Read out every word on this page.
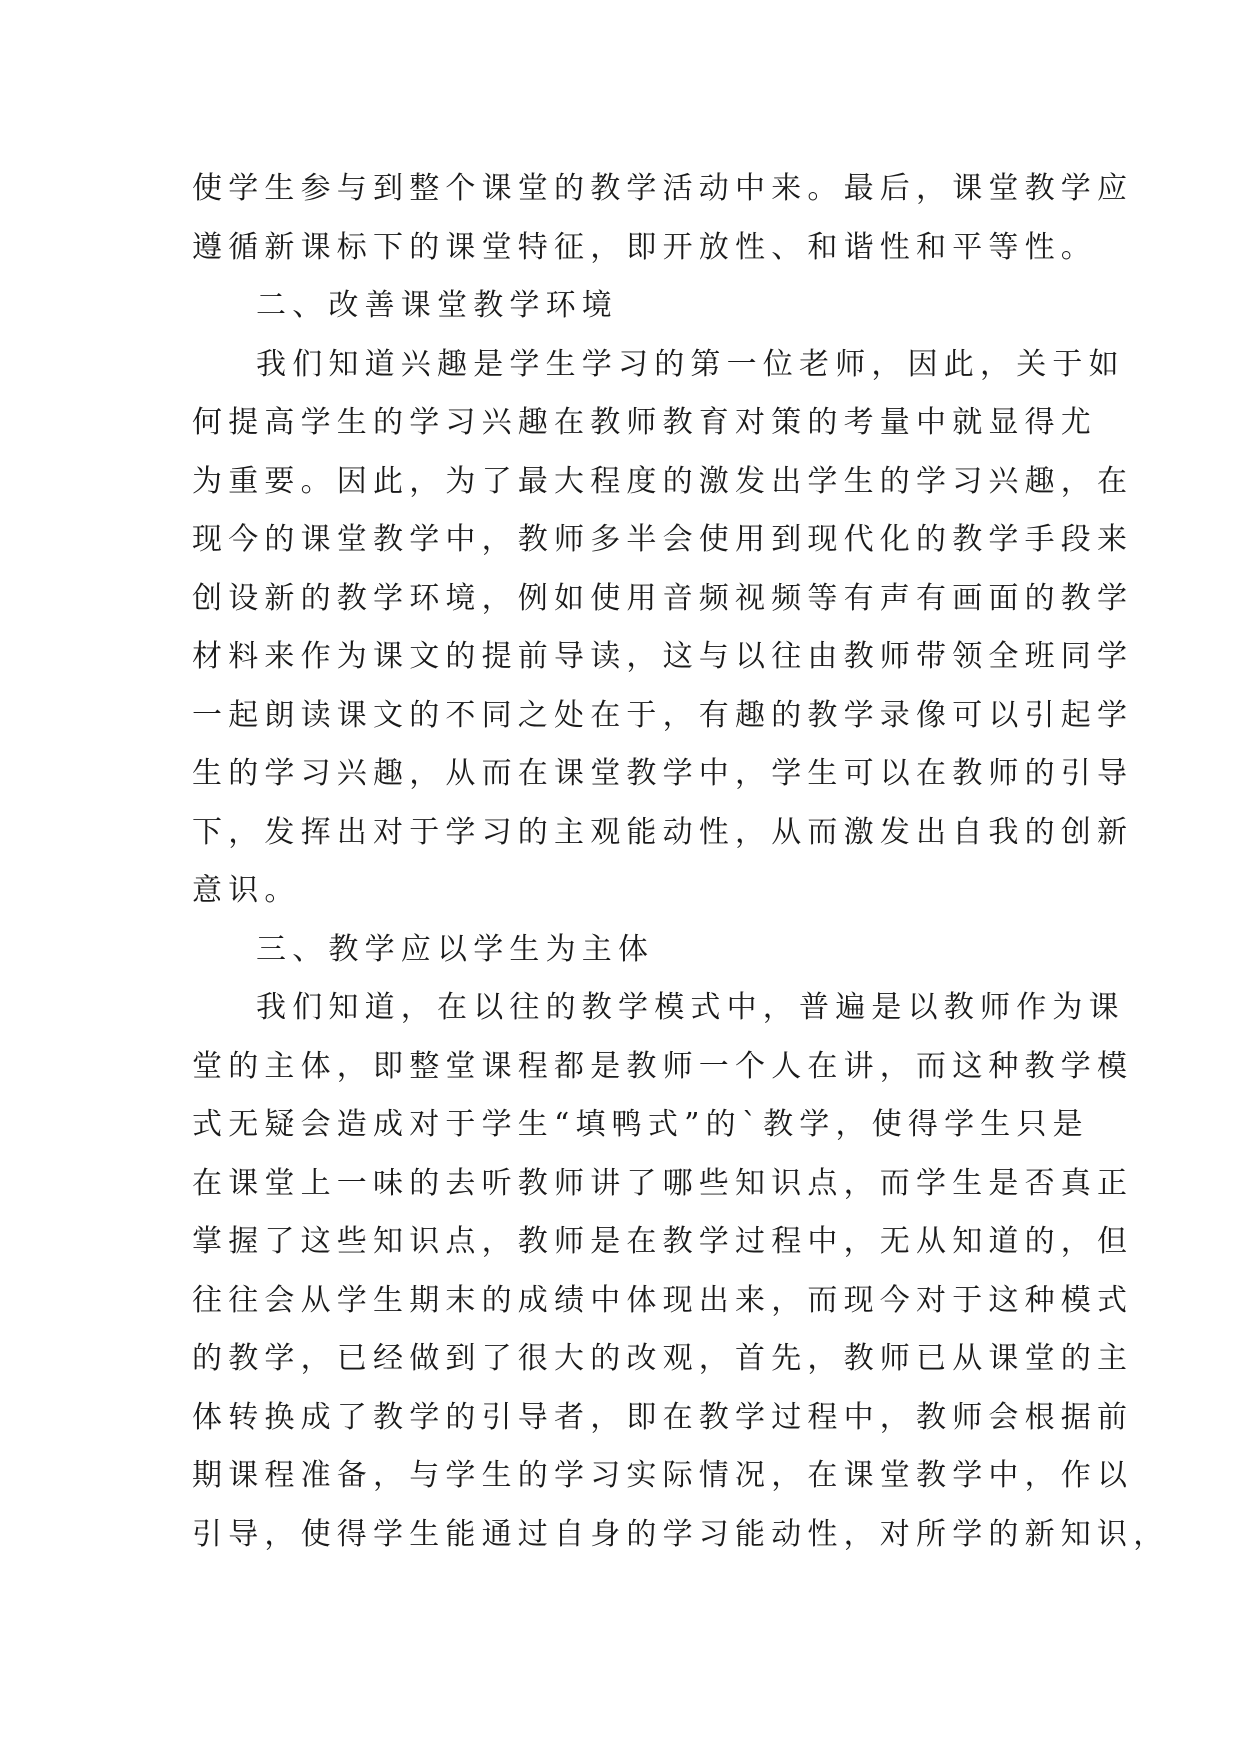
使学生参与到整个课堂的教学活动中来。最后，课堂教学应
遵循新课标下的课堂特征，即开放性、和谐性和平等性。
二、改善课堂教学环境
我们知道兴趣是学生学习的第一位老师，因此，关于如
何提高学生的学习兴趣在教师教育对策的考量中就显得尤
为重要。因此，为了最大程度的激发出学生的学习兴趣，在
现今的课堂教学中，教师多半会使用到现代化的教学手段来
创设新的教学环境，例如使用音频视频等有声有画面的教学
材料来作为课文的提前导读，这与以往由教师带领全班同学
一起朗读课文的不同之处在于，有趣的教学录像可以引起学
生的学习兴趣，从而在课堂教学中，学生可以在教师的引导
下，发挥出对于学习的主观能动性，从而激发出自我的创新
意识。
三、教学应以学生为主体
我们知道，在以往的教学模式中，普遍是以教师作为课
堂的主体，即整堂课程都是教师一个人在讲，而这种教学模
式无疑会造成对于学生“填鸭式”的`教学，使得学生只是
在课堂上一味的去听教师讲了哪些知识点，而学生是否真正
掌握了这些知识点，教师是在教学过程中，无从知道的，但
往往会从学生期末的成绩中体现出来，而现今对于这种模式
的教学，已经做到了很大的改观，首先，教师已从课堂的主
体转换成了教学的引导者，即在教学过程中，教师会根据前
期课程准备，与学生的学习实际情况，在课堂教学中，作以
引导，使得学生能通过自身的学习能动性，对所学的新知识，
